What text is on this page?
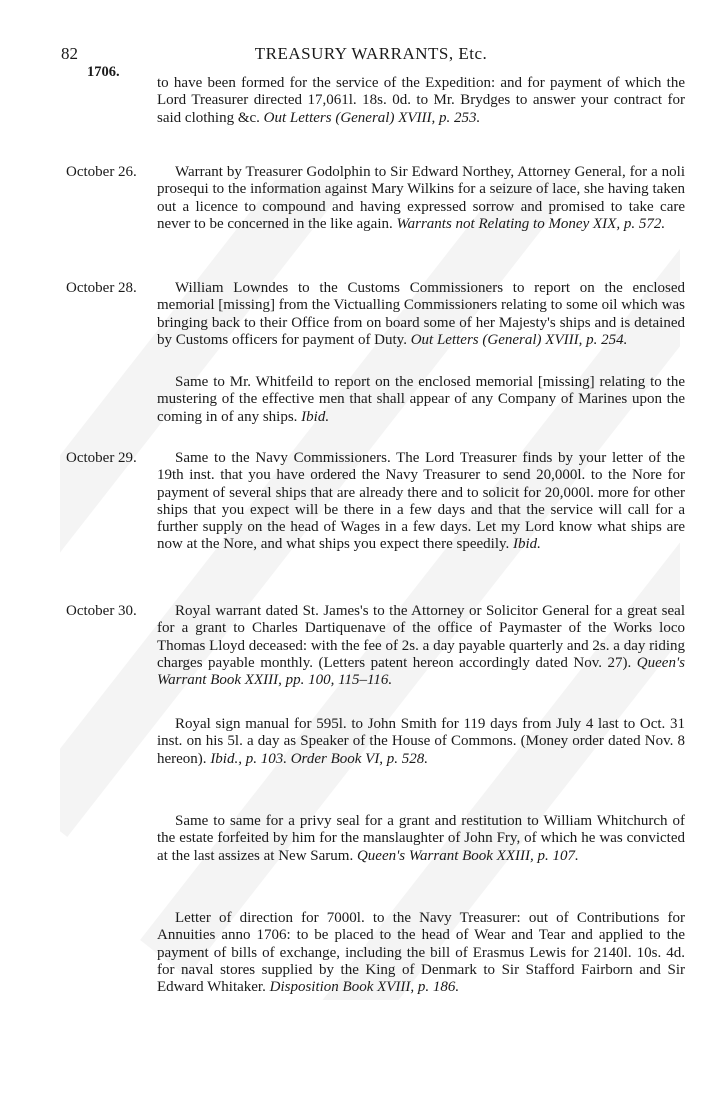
82	TREASURY WARRANTS, Etc.
1706.
to have been formed for the service of the Expedition: and for payment of which the Lord Treasurer directed 17,061l. 18s. 0d. to Mr. Brydges to answer your contract for said clothing &c. Out Letters (General) XVIII, p. 253.
October 26.	Warrant by Treasurer Godolphin to Sir Edward Northey, Attorney General, for a noli prosequi to the information against Mary Wilkins for a seizure of lace, she having taken out a licence to compound and having expressed sorrow and promised to take care never to be concerned in the like again. Warrants not Relating to Money XIX, p. 572.
October 28.	William Lowndes to the Customs Commissioners to report on the enclosed memorial [missing] from the Victualling Commissioners relating to some oil which was bringing back to their Office from on board some of her Majesty's ships and is detained by Customs officers for payment of Duty. Out Letters (General) XVIII, p. 254.
Same to Mr. Whitfeild to report on the enclosed memorial [missing] relating to the mustering of the effective men that shall appear of any Company of Marines upon the coming in of any ships. Ibid.
October 29.	Same to the Navy Commissioners. The Lord Treasurer finds by your letter of the 19th inst. that you have ordered the Navy Treasurer to send 20,000l. to the Nore for payment of several ships that are already there and to solicit for 20,000l. more for other ships that you expect will be there in a few days and that the service will call for a further supply on the head of Wages in a few days. Let my Lord know what ships are now at the Nore, and what ships you expect there speedily. Ibid.
October 30.	Royal warrant dated St. James's to the Attorney or Solicitor General for a great seal for a grant to Charles Dartiquenave of the office of Paymaster of the Works loco Thomas Lloyd deceased: with the fee of 2s. a day payable quarterly and 2s. a day riding charges payable monthly. (Letters patent hereon accordingly dated Nov. 27). Queen's Warrant Book XXIII, pp. 100, 115–116.
Royal sign manual for 595l. to John Smith for 119 days from July 4 last to Oct. 31 inst. on his 5l. a day as Speaker of the House of Commons. (Money order dated Nov. 8 hereon). Ibid., p. 103. Order Book VI, p. 528.
Same to same for a privy seal for a grant and restitution to William Whitchurch of the estate forfeited by him for the manslaughter of John Fry, of which he was convicted at the last assizes at New Sarum. Queen's Warrant Book XXIII, p. 107.
Letter of direction for 7000l. to the Navy Treasurer: out of Contributions for Annuities anno 1706: to be placed to the head of Wear and Tear and applied to the payment of bills of exchange, including the bill of Erasmus Lewis for 2140l. 10s. 4d. for naval stores supplied by the King of Denmark to Sir Stafford Fairborn and Sir Edward Whitaker. Disposition Book XVIII, p. 186.
